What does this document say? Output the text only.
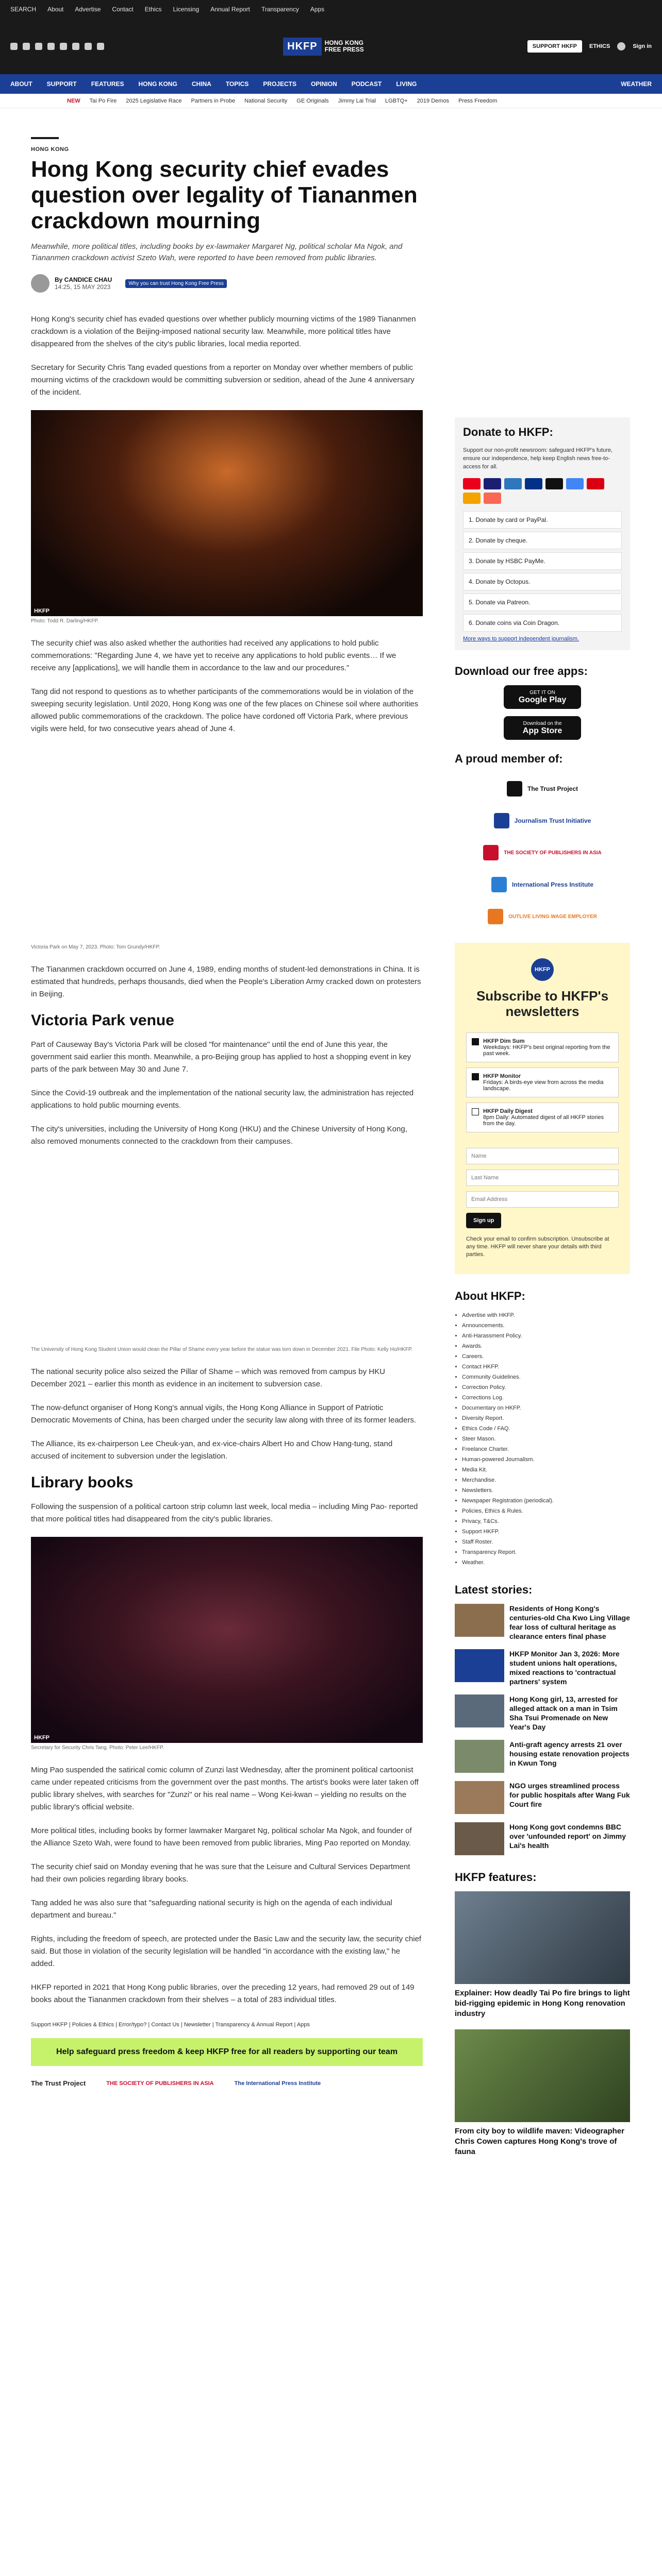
SEARCH About Advertise Contact Ethics Licensing Annual Report Transparency Apps
HKFP	HONG KONG
FREE PRESS	SUPPORT HKFP	ETHICS	Sign in
ABOUT SUPPORT FEATURES HONG KONG CHINA TOPICS PROJECTS OPINION PODCAST LIVING	WEATHER
NEW Tai Po Fire 2025 Legislative Race Partners in Probe National Security GE Originals Jimmy Lai Trial LGBTQ+ 2019 Demos Press Freedom
HONG KONG
Hong Kong security chief evades question over legality of Tiananmen crackdown mourning
Meanwhile, more political titles, including books by ex-lawmaker Margaret Ng, political scholar Ma Ngok, and Tiananmen crackdown activist Szeto Wah, were reported to have been removed from public libraries.
By CANDICE CHAU
14:25, 15 MAY 2023	Why you can trust Hong Kong Free Press

Hong Kong's security chief has evaded questions over whether publicly mourning victims of the 1989 Tiananmen crackdown is a violation of the Beijing-imposed national security law. Meanwhile, more political titles have disappeared from the shelves of the city's public libraries, local media reported.

Secretary for Security Chris Tang evaded questions from a reporter on Monday over whether members of public mourning victims of the crackdown would be committing subversion or sedition, ahead of the June 4 anniversary of the incident.

HKFP
Photo: Todd R. Darling/HKFP.

The security chief was also asked whether the authorities had received any applications to hold public commemorations: "Regarding June 4, we have yet to receive any applications to hold public events… If we receive any [applications], we will handle them in accordance to the law and our procedures."

Tang did not respond to questions as to whether participants of the commemorations would be in violation of the sweeping security legislation. Until 2020, Hong Kong was one of the few places on Chinese soil where authorities allowed public commemorations of the crackdown. The police have cordoned off Victoria Park, where previous vigils were held, for two consecutive years ahead of June 4.

Victoria Park on May 7, 2023. Photo: Tom Grundy/HKFP.

The Tiananmen crackdown occurred on June 4, 1989, ending months of student-led demonstrations in China. It is estimated that hundreds, perhaps thousands, died when the People's Liberation Army cracked down on protesters in Beijing.

Victoria Park venue

Part of Causeway Bay's Victoria Park will be closed "for maintenance" until the end of June this year, the government said earlier this month. Meanwhile, a pro-Beijing group has applied to host a shopping event in key parts of the park between May 30 and June 7.

Since the Covid-19 outbreak and the implementation of the national security law, the administration has rejected applications to hold public mourning events.

The city's universities, including the University of Hong Kong (HKU) and the Chinese University of Hong Kong, also removed monuments connected to the crackdown from their campuses.

The University of Hong Kong Student Union would clean the Pillar of Shame every year before the statue was torn down in December 2021. File Photo: Kelly Ho/HKFP.

The national security police also seized the Pillar of Shame – which was removed from campus by HKU December 2021 – earlier this month as evidence in an incitement to subversion case.

The now-defunct organiser of Hong Kong's annual vigils, the Hong Kong Alliance in Support of Patriotic Democratic Movements of China, has been charged under the security law along with three of its former leaders.

The Alliance, its ex-chairperson Lee Cheuk-yan, and ex-vice-chairs Albert Ho and Chow Hang-tung, stand accused of incitement to subversion under the legislation.

Library books

Following the suspension of a political cartoon strip column last week, local media – including Ming Pao- reported that more political titles had disappeared from the city's public libraries.

HKFP
Secretary for Security Chris Tang. Photo: Peter Lee/HKFP.

Ming Pao suspended the satirical comic column of Zunzi last Wednesday, after the prominent political cartoonist came under repeated criticisms from the government over the past months. The artist's books were later taken off public library shelves, with searches for "Zunzi" or his real name – Wong Kei-kwan – yielding no results on the public library's official website.

More political titles, including books by former lawmaker Margaret Ng, political scholar Ma Ngok, and founder of the Alliance Szeto Wah, were found to have been removed from public libraries, Ming Pao reported on Monday.

The security chief said on Monday evening that he was sure that the Leisure and Cultural Services Department had their own policies regarding library books.

Tang added he was also sure that "safeguarding national security is high on the agenda of each individual department and bureau."

Rights, including the freedom of speech, are protected under the Basic Law and the security law, the security chief said. But those in violation of the security legislation will be handled "in accordance with the existing law," he added.

HKFP reported in 2021 that Hong Kong public libraries, over the preceding 12 years, had removed 29 out of 149 books about the Tiananmen crackdown from their shelves – a total of 283 individual titles.

Support HKFP | Policies & Ethics | Error/typo? | Contact Us | Newsletter | Transparency & Annual Report | Apps
Help safeguard press freedom & keep HKFP free for all readers by supporting our team
The Trust Project	THE SOCIETY OF PUBLISHERS IN ASIA	The International Press Institute
Donate to HKFP:
Support our non-profit newsroom: safeguard HKFP's future, ensure our independence, help keep English news free-to-access for all.
1. Donate by card or PayPal.
2. Donate by cheque.
3. Donate by HSBC PayMe.
4. Donate by Octopus.
5. Donate via Patreon.
6. Donate coins via Coin Dragon.
More ways to support independent journalism.
Download our free apps:
GET IT ON
Google Play
Download on the
App Store
A proud member of:
The Trust Project
Journalism Trust Initiative
THE SOCIETY OF PUBLISHERS IN ASIA
International Press Institute
OUTLIVE LIVING WAGE EMPLOYER
HKFP
Subscribe to HKFP's newsletters
HKFP Dim Sum
Weekdays: HKFP's best original reporting from the past week.
HKFP Monitor
Fridays: A birds-eye view from across the media landscape.
HKFP Daily Digest
8pm Daily: Automated digest of all HKFP stories from the day.
Name
Last Name
Email Address
Sign up
Check your email to confirm subscription. Unsubscribe at any time. HKFP will never share your details with third parties.
About HKFP:
• Advertise with HKFP.
• Announcements.
• Anti-Harassment Policy.
• Awards.
• Careers.
• Contact HKFP.
• Community Guidelines.
• Correction Policy.
• Corrections Log.
• Documentary on HKFP.
• Diversity Report.
• Ethics Code / FAQ.
• Steer Mason.
• Freelance Charter.
• Human-powered Journalism.
• Media Kit.
• Merchandise.
• Newsletters.
• Newspaper Registration (periodical).
• Policies, Ethics & Rules.
• Privacy, T&Cs.
• Support HKFP.
• Staff Roster.
• Transparency Report.
• Weather.
Latest stories:
Residents of Hong Kong's centuries-old Cha Kwo Ling Village fear loss of cultural heritage as clearance enters final phase
HKFP Monitor Jan 3, 2026: More student unions halt operations, mixed reactions to 'contractual partners' system
Hong Kong girl, 13, arrested for alleged attack on a man in Tsim Sha Tsui Promenade on New Year's Day
Anti-graft agency arrests 21 over housing estate renovation projects in Kwun Tong
NGO urges streamlined process for public hospitals after Wang Fuk Court fire
Hong Kong govt condemns BBC over 'unfounded report' on Jimmy Lai's health
HKFP features:
Explainer: How deadly Tai Po fire brings to light bid-rigging epidemic in Hong Kong renovation industry
From city boy to wildlife maven: Videographer Chris Cowen captures Hong Kong's trove of fauna
